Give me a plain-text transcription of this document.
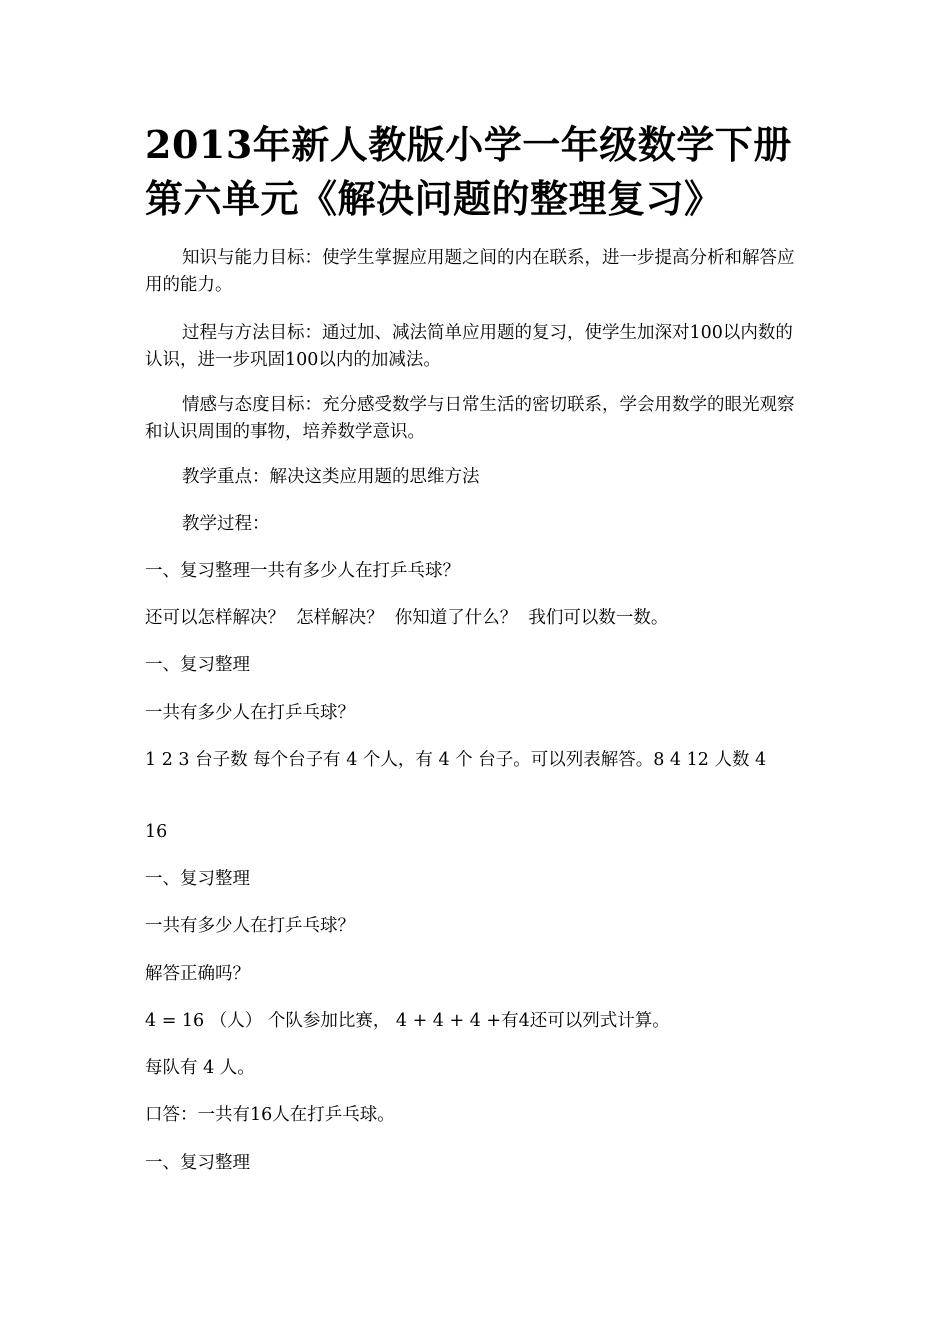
2013年新人教版小学一年级数学下册第六单元《解决问题的整理复习》

知识与能力目标：使学生掌握应用题之间的内在联系，进一步提高分析和解答应用的能力。

过程与方法目标：通过加、减法简单应用题的复习，使学生加深对100以内数的认识，进一步巩固100以内的加减法。

情感与态度目标：充分感受数学与日常生活的密切联系，学会用数学的眼光观察和认识周围的事物，培养数学意识。

教学重点：解决这类应用题的思维方法

教学过程：

一、复习整理一共有多少人在打乒乓球？

还可以怎样解决？  怎样解决？  你知道了什么？  我们可以数一数。

一、复习整理

一共有多少人在打乒乓球？

1 2 3 台子数 每个台子有 4 个人，有 4 个 台子。可以列表解答。8 4 12 人数 4

16

一、复习整理

一共有多少人在打乒乓球？

解答正确吗？

4 = 16 （人） 个队参加比赛， 4 + 4 + 4 +有4还可以列式计算。

每队有 4 人。

口答：一共有16人在打乒乓球。

一、复习整理
